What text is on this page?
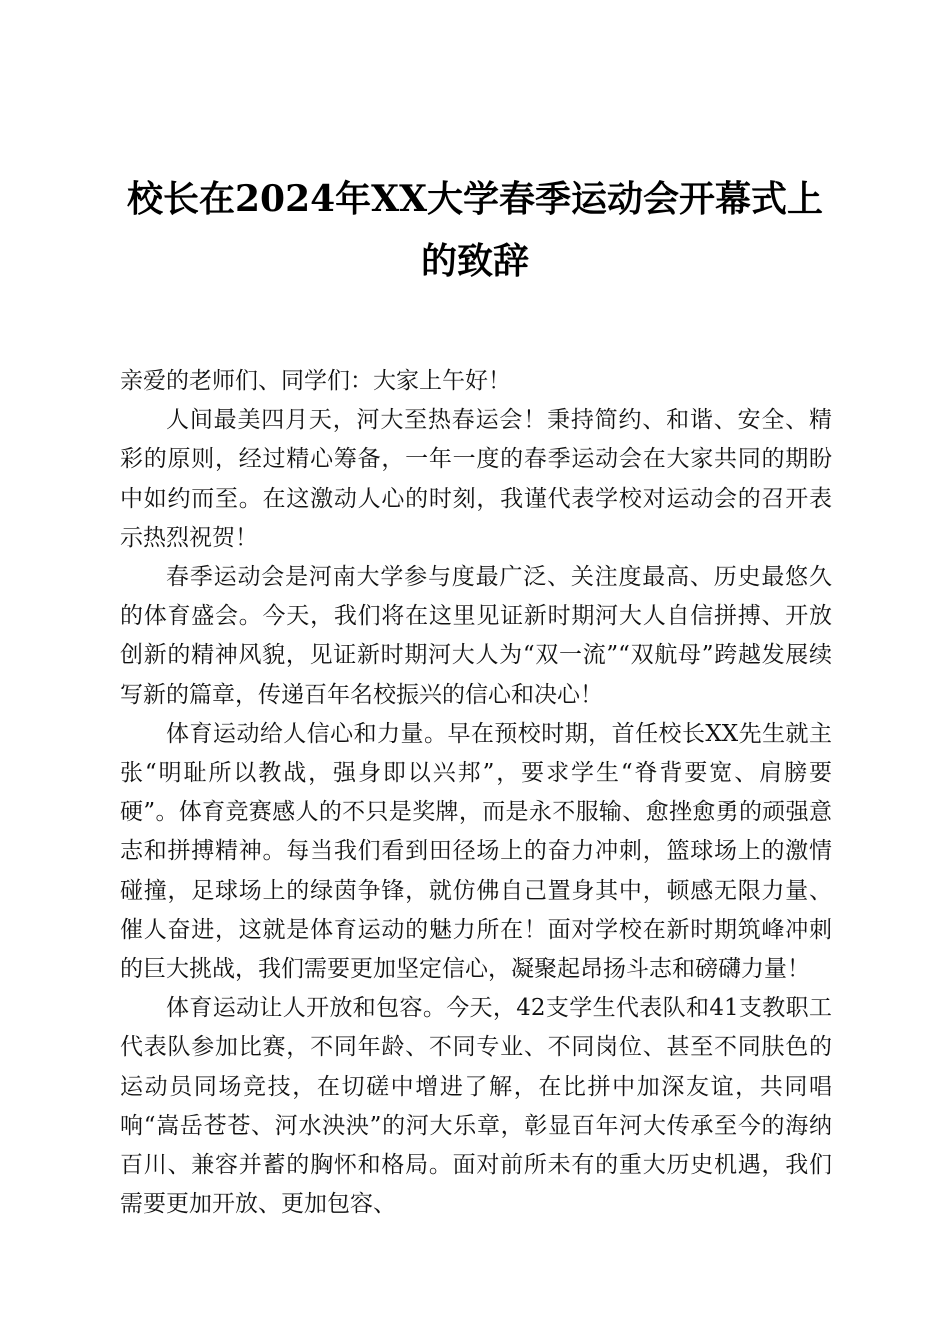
校长在2024年XX大学春季运动会开幕式上
的致辞

亲爱的老师们、同学们：大家上午好！

人间最美四月天，河大至热春运会！秉持简约、和谐、安全、精彩的原则，经过精心筹备，一年一度的春季运动会在大家共同的期盼中如约而至。在这激动人心的时刻，我谨代表学校对运动会的召开表示热烈祝贺！

春季运动会是河南大学参与度最广泛、关注度最高、历史最悠久的体育盛会。今天，我们将在这里见证新时期河大人自信拼搏、开放创新的精神风貌，见证新时期河大人为“双一流”“双航母”跨越发展续写新的篇章，传递百年名校振兴的信心和决心！

体育运动给人信心和力量。早在预校时期，首任校长XX先生就主张“明耻所以教战，强身即以兴邦”，要求学生“脊背要宽、肩膀要硬”。体育竞赛感人的不只是奖牌，而是永不服输、愈挫愈勇的顽强意志和拼搏精神。每当我们看到田径场上的奋力冲刺，篮球场上的激情碰撞，足球场上的绿茵争锋，就仿佛自己置身其中，顿感无限力量、催人奋进，这就是体育运动的魅力所在！面对学校在新时期筑峰冲刺的巨大挑战，我们需要更加坚定信心，凝聚起昂扬斗志和磅礴力量！

体育运动让人开放和包容。今天，42支学生代表队和41支教职工代表队参加比赛，不同年龄、不同专业、不同岗位、甚至不同肤色的运动员同场竞技，在切磋中增进了解，在比拼中加深友谊，共同唱响“嵩岳苍苍、河水泱泱”的河大乐章，彰显百年河大传承至今的海纳百川、兼容并蓄的胸怀和格局。面对前所未有的重大历史机遇，我们需要更加开放、更加包容、
